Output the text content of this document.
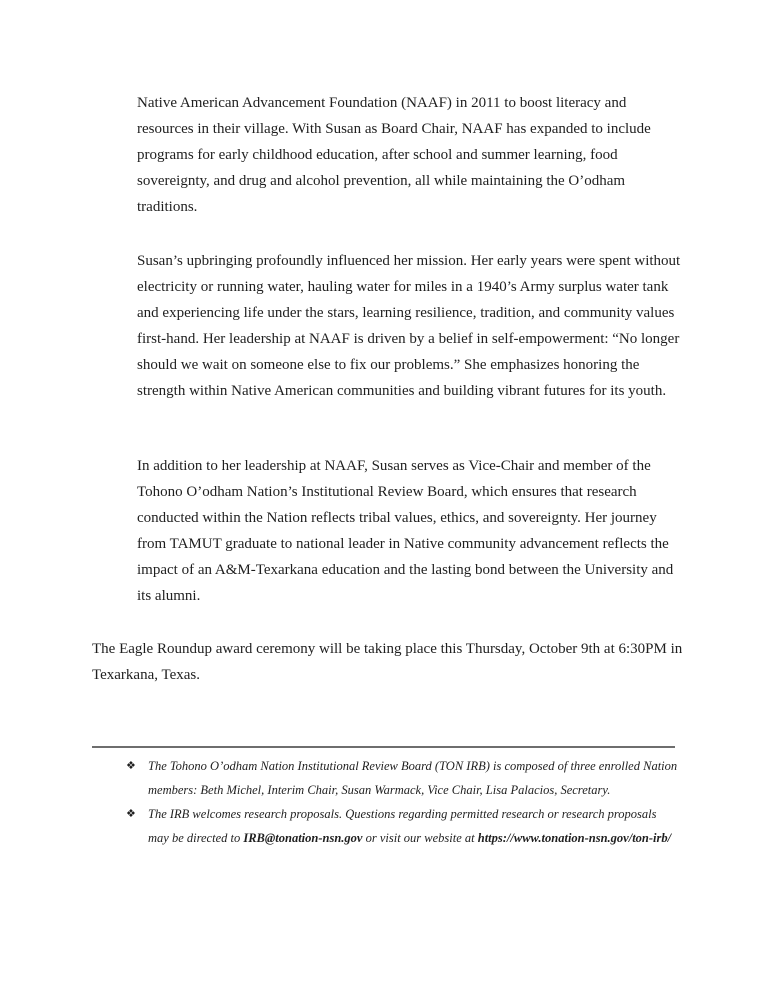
Native American Advancement Foundation (NAAF) in 2011 to boost literacy and resources in their village. With Susan as Board Chair, NAAF has expanded to include programs for early childhood education, after school and summer learning, food sovereignty, and drug and alcohol prevention, all while maintaining the O’odham traditions.

Susan’s upbringing profoundly influenced her mission. Her early years were spent without electricity or running water, hauling water for miles in a 1940’s Army surplus water tank and experiencing life under the stars, learning resilience, tradition, and community values first-hand. Her leadership at NAAF is driven by a belief in self-empowerment: “No longer should we wait on someone else to fix our problems.” She emphasizes honoring the strength within Native American communities and building vibrant futures for its youth.

In addition to her leadership at NAAF, Susan serves as Vice-Chair and member of the Tohono O’odham Nation’s Institutional Review Board, which ensures that research conducted within the Nation reflects tribal values, ethics, and sovereignty. Her journey from TAMUT graduate to national leader in Native community advancement reflects the impact of an A&M-Texarkana education and the lasting bond between the University and its alumni.

The Eagle Roundup award ceremony will be taking place this Thursday, October 9th at 6:30PM in Texarkana, Texas.

❖ The Tohono O’odham Nation Institutional Review Board (TON IRB) is composed of three enrolled Nation members: Beth Michel, Interim Chair, Susan Warmack, Vice Chair, Lisa Palacios, Secretary.
❖ The IRB welcomes research proposals. Questions regarding permitted research or research proposals may be directed to IRB@tonation-nsn.gov or visit our website at https://www.tonation-nsn.gov/ton-irb/
